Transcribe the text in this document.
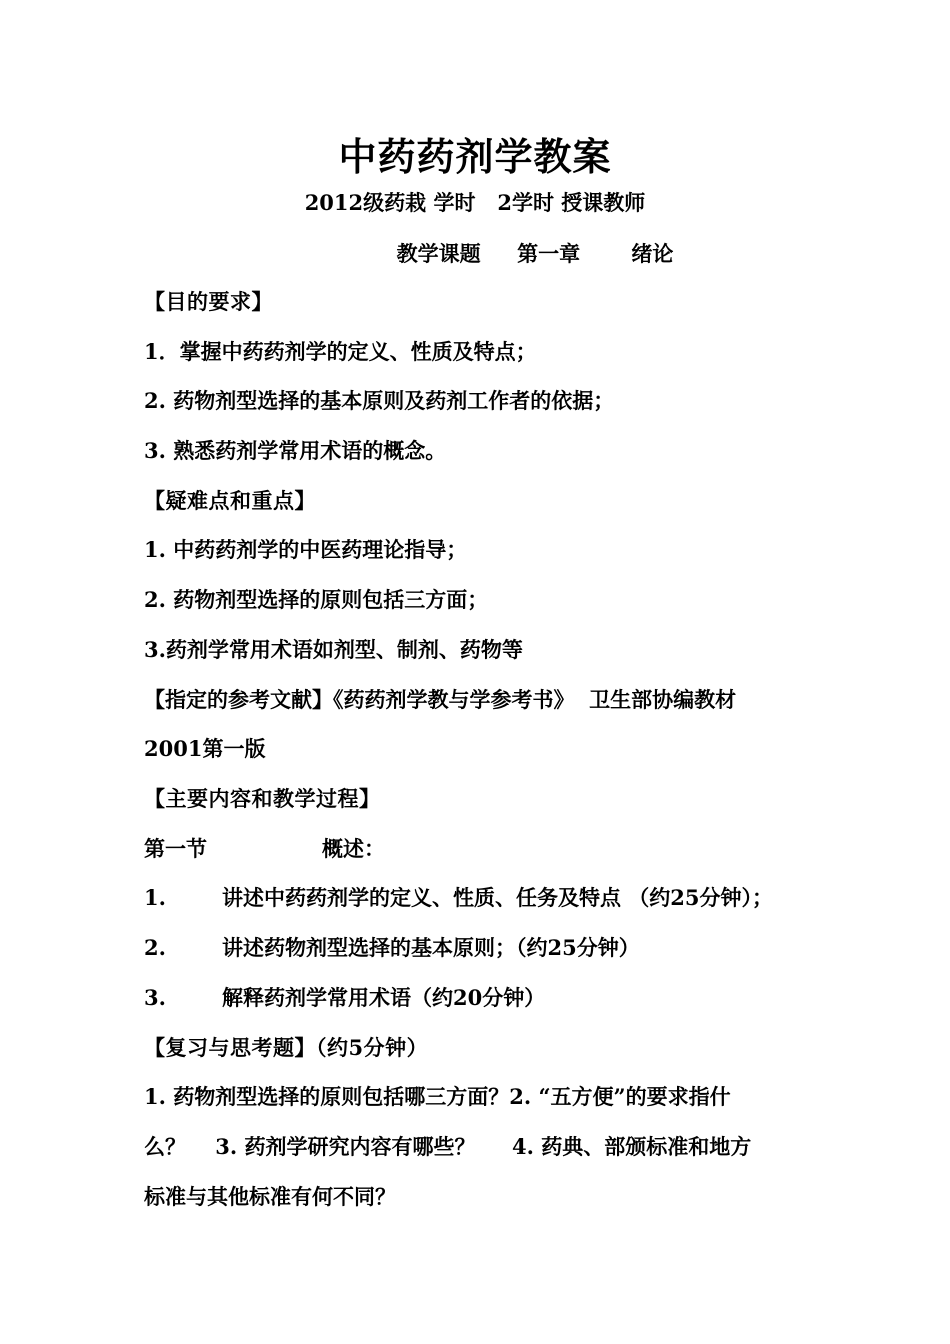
中药药剂学教案
2012级药栽 学时   2学时 授课教师
教学课题     第一章       绪论
【目的要求】
1．掌握中药药剂学的定义、性质及特点；
2. 药物剂型选择的基本原则及药剂工作者的依据；
3. 熟悉药剂学常用术语的概念。
【疑难点和重点】
1. 中药药剂学的中医药理论指导；
2. 药物剂型选择的原则包括三方面；
3.药剂学常用术语如剂型、制剂、药物等
【指定的参考文献】《药药剂学教与学参考书》  卫生部协编教材
2001第一版
【主要内容和教学过程】
第一节	概述：
1.	讲述中药药剂学的定义、性质、任务及特点 （约25分钟）；
2.	讲述药物剂型选择的基本原则；（约25分钟）
3.	解释药剂学常用术语（约20分钟）
【复习与思考题】（约5分钟）
1. 药物剂型选择的原则包括哪三方面？2. “五方便”的要求指什
么？    3. 药剂学研究内容有哪些？     4. 药典、部颁标准和地方
标准与其他标准有何不同？
